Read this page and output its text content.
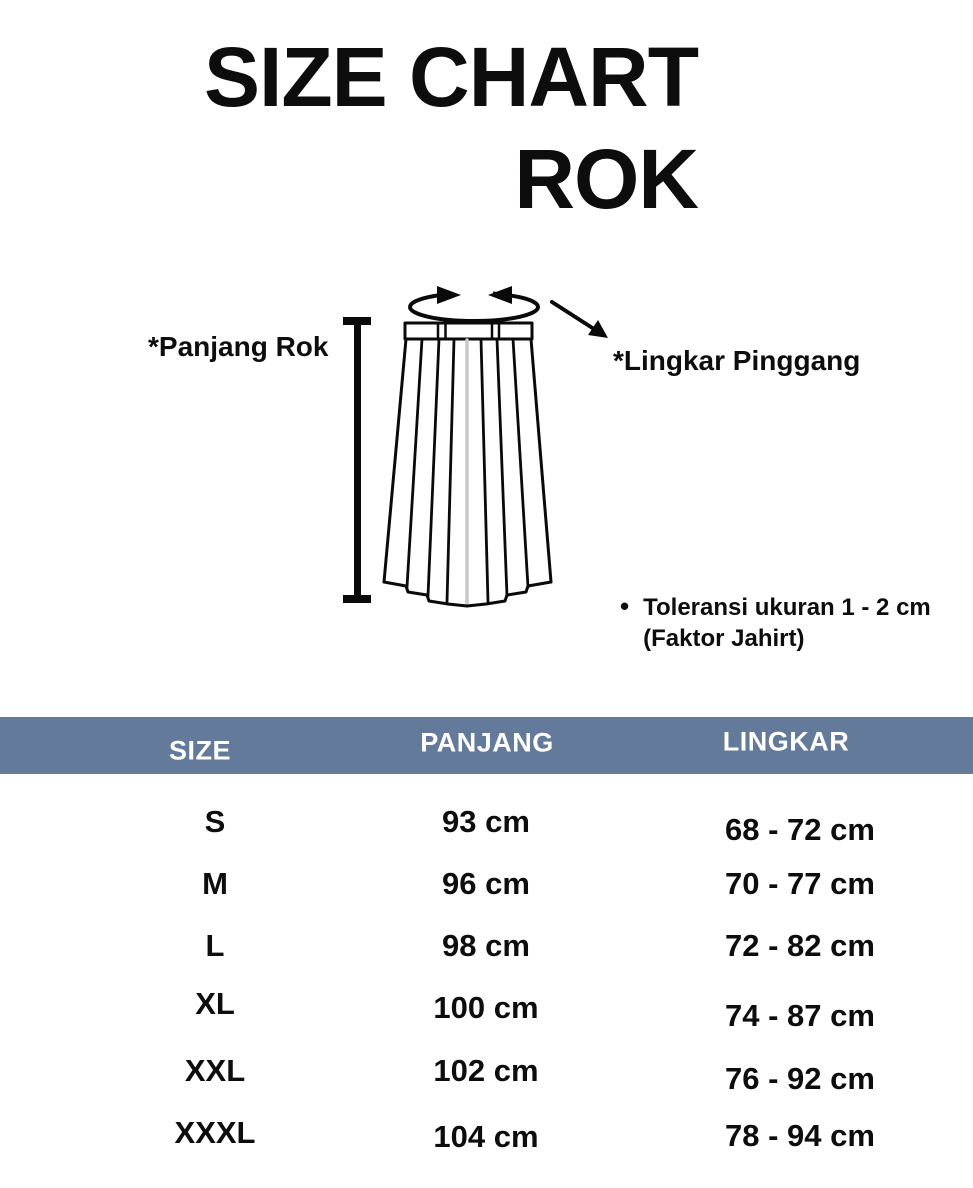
SIZE CHART
ROK
*Panjang Rok	*Lingkar Pinggang
• Toleransi ukuran 1 - 2 cm
(Faktor Jahirt)
SIZE	PANJANG	LINGKAR
S	93 cm	68 - 72 cm
M	96 cm	70 - 77 cm
L	98 cm	72 - 82 cm
XL	100 cm	74 - 87 cm
XXL	102 cm	76 - 92 cm
XXXL	104 cm	78 - 94 cm
